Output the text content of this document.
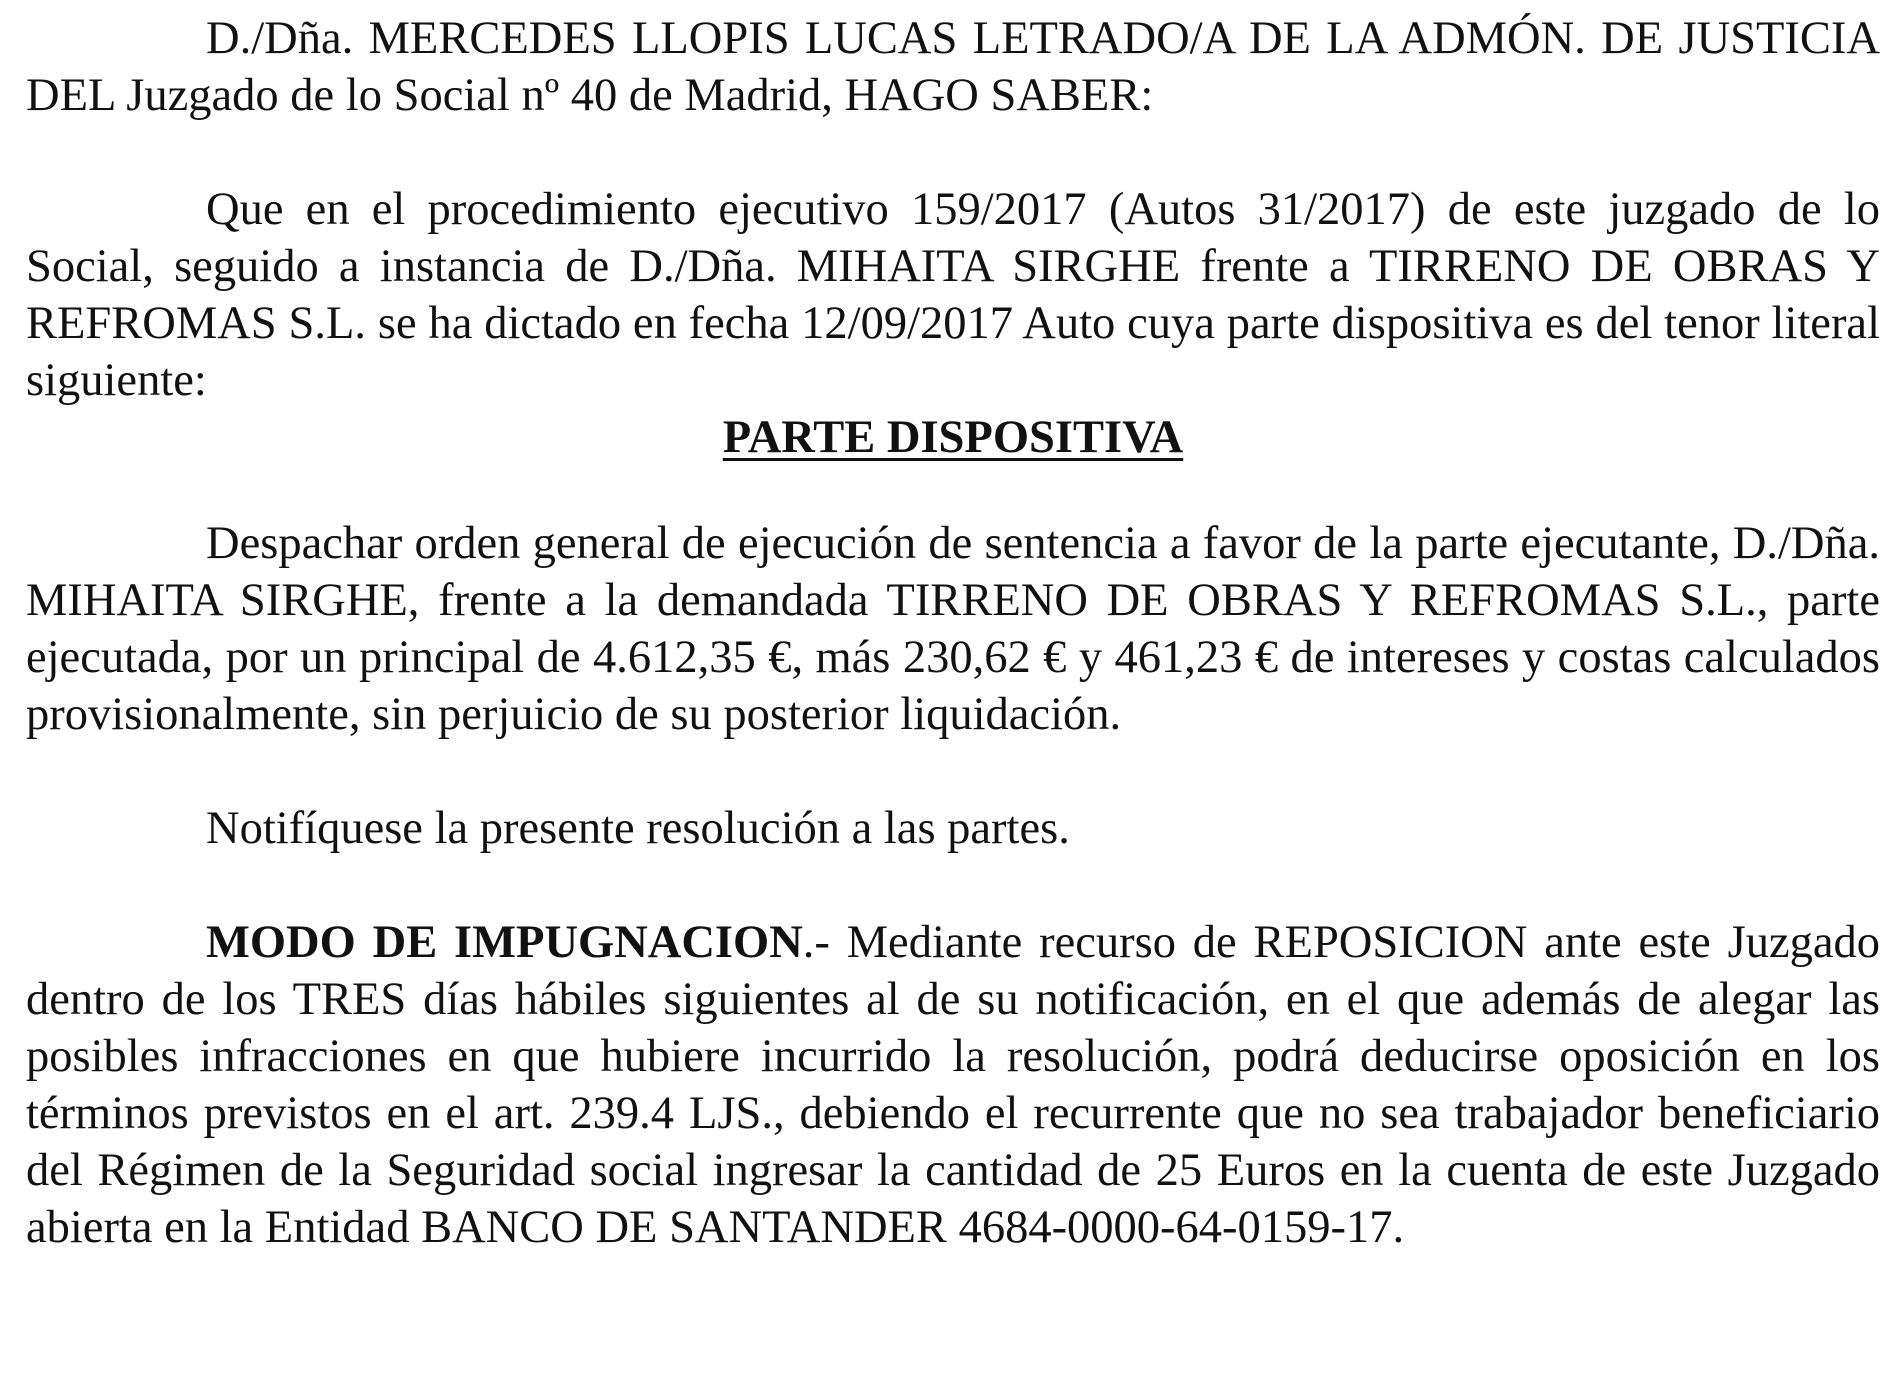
D./Dña. MERCEDES LLOPIS LUCAS LETRADO/A DE LA ADMÓN. DE JUSTICIA DEL Juzgado de lo Social nº 40 de Madrid, HAGO SABER:

Que en el procedimiento ejecutivo 159/2017 (Autos 31/2017) de este juzgado de lo Social, seguido a instancia de D./Dña. MIHAITA SIRGHE frente a TIRRENO DE OBRAS Y REFROMAS S.L. se ha dictado en fecha 12/09/2017 Auto cuya parte dispositiva es del tenor literal siguiente:

PARTE DISPOSITIVA

Despachar orden general de ejecución de sentencia a favor de la parte ejecutante, D./Dña. MIHAITA SIRGHE, frente a la demandada TIRRENO DE OBRAS Y REFROMAS S.L., parte ejecutada, por un principal de 4.612,35 €, más 230,62 € y 461,23 € de intereses y costas calculados provisionalmente, sin perjuicio de su posterior liquidación.

Notifíquese la presente resolución a las partes.

MODO DE IMPUGNACION.- Mediante recurso de REPOSICION ante este Juzgado dentro de los TRES días hábiles siguientes al de su notificación, en el que además de alegar las posibles infracciones en que hubiere incurrido la resolución, podrá deducirse oposición en los términos previstos en el art. 239.4 LJS., debiendo el recurrente que no sea trabajador beneficiario del Régimen de la Seguridad social ingresar la cantidad de 25 Euros en la cuenta de este Juzgado abierta en la Entidad BANCO DE SANTANDER 4684-0000-64-0159-17.
